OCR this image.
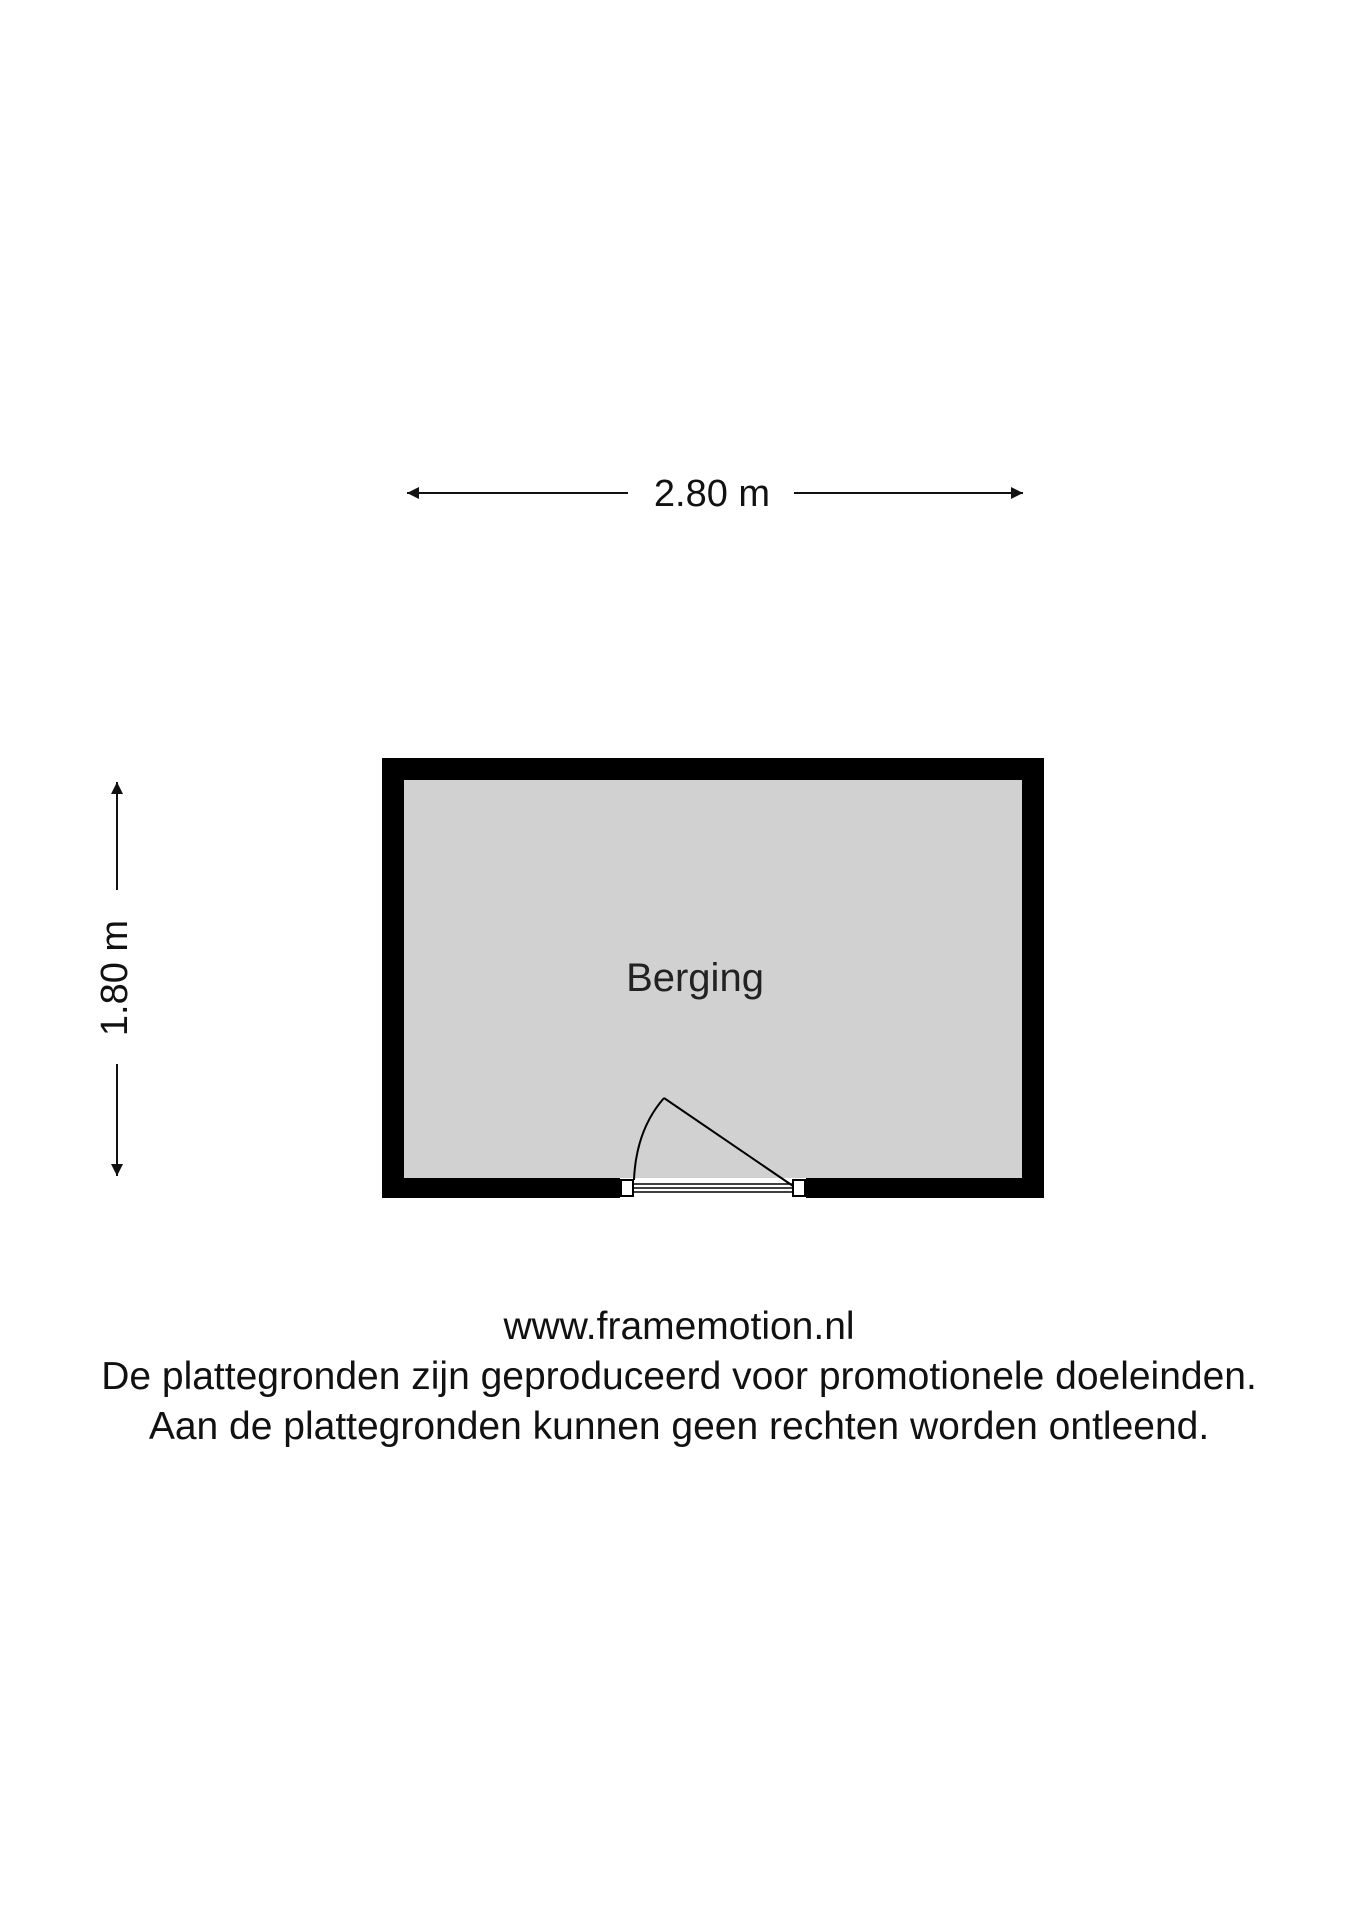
2.80 m
1.80 m	Berging
www.framemotion.nl
De plattegronden zijn geproduceerd voor promotionele doeleinden.
Aan de plattegronden kunnen geen rechten worden ontleend.
